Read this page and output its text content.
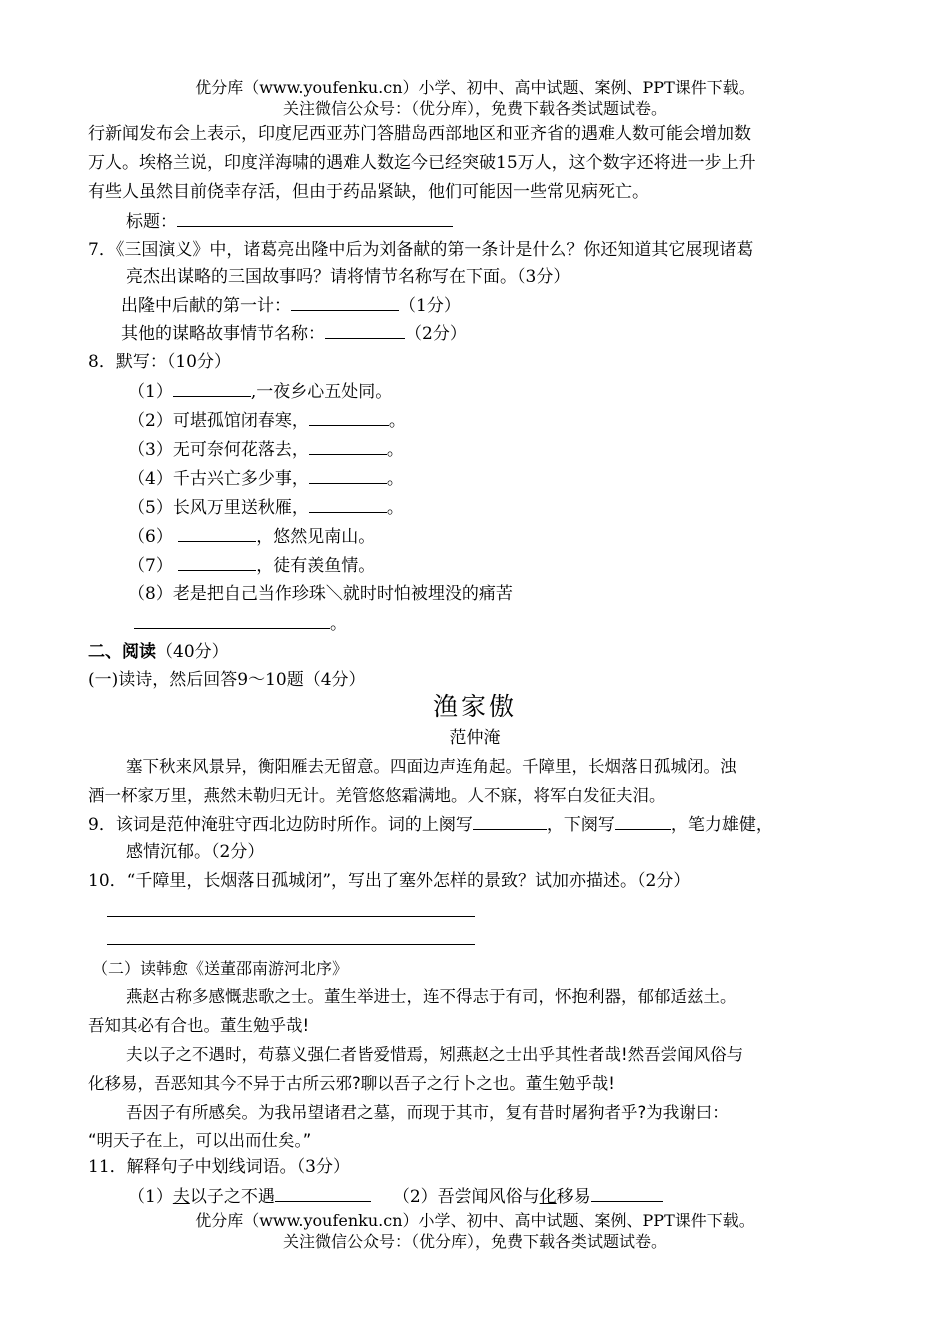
优分库（www.youfenku.cn）小学、初中、高中试题、案例、PPT课件下载。
关注微信公众号：（优分库），免费下载各类试题试卷。
行新闻发布会上表示，印度尼西亚苏门答腊岛西部地区和亚齐省的遇难人数可能会增加数
万人。埃格兰说，印度洋海啸的遇难人数迄今已经突破15万人，这个数字还将进一步上升
有些人虽然目前侥幸存活，但由于药品紧缺，他们可能因一些常见病死亡。
标题：
7．《三国演义》中，诸葛亮出隆中后为刘备献的第一条计是什么？你还知道其它展现诸葛
亮杰出谋略的三国故事吗？请将情节名称写在下面。（3分）
出隆中后献的第一计：	（1分）
其他的谋略故事情节名称：	（2分）
8．默写：（10分）
（1）	,一夜乡心五处同。
（2）可堪孤馆闭春寒，	。
（3）无可奈何花落去，	。
（4）千古兴亡多少事，	。
（5）长风万里送秋雁，	。
（6）	，悠然见南山。
（7）	，徒有羡鱼情。
（8）老是把自己当作珍珠＼就时时怕被埋没的痛苦
。
二、阅读（40分）
(一)读诗，然后回答9～10题（4分）
渔家傲
范仲淹
塞下秋来风景异，衡阳雁去无留意。四面边声连角起。千障里，长烟落日孤城闭。浊
酒一杯家万里，燕然未勒归无计。羌管悠悠霜满地。人不寐，将军白发征夫泪。
9．该词是范仲淹驻守西北边防时所作。词的上阕写	，下阕写	，笔力雄健，
感情沉郁。（2分）
10．“千障里，长烟落日孤城闭”，写出了塞外怎样的景致？试加亦描述。（2分）
（二）读韩愈《送董邵南游河北序》
燕赵古称多感慨悲歌之士。董生举进士，连不得志于有司，怀抱利器，郁郁适兹土。
吾知其必有合也。董生勉乎哉!
夫以子之不遇时，苟慕义强仁者皆爱惜焉，矧燕赵之士出乎其性者哉!然吾尝闻风俗与
化移易，吾恶知其今不异于古所云邪?聊以吾子之行卜之也。董生勉乎哉!
吾因子有所感矣。为我吊望诸君之墓，而现于其市，复有昔时屠狗者乎?为我谢曰：
“明天子在上，可以出而仕矣。”
11．解释句子中划线词语。（3分）
（1）夫以子之不遇	（2）吾尝闻风俗与化移易
优分库（www.youfenku.cn）小学、初中、高中试题、案例、PPT课件下载。
关注微信公众号：（优分库），免费下载各类试题试卷。
